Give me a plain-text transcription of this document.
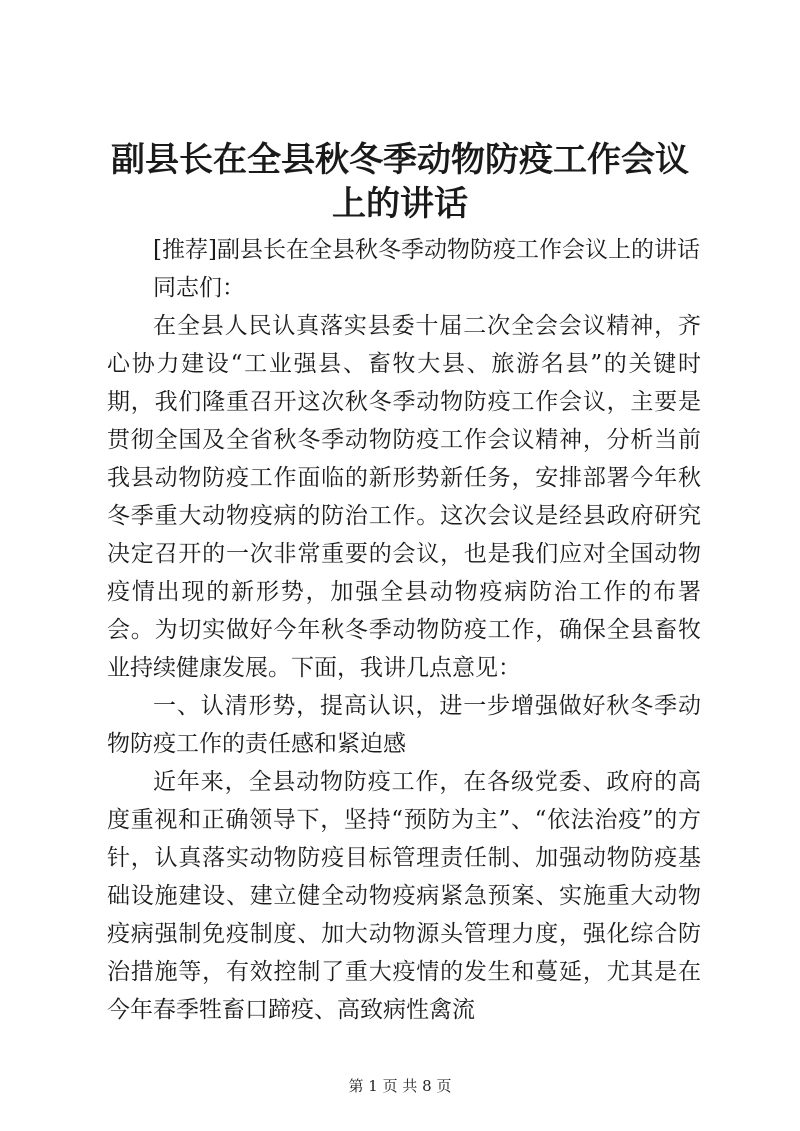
副县长在全县秋冬季动物防疫工作会议上的讲话

[推荐]副县长在全县秋冬季动物防疫工作会议上的讲话

同志们：

在全县人民认真落实县委十届二次全会会议精神，齐心协力建设“工业强县、畜牧大县、旅游名县”的关键时期，我们隆重召开这次秋冬季动物防疫工作会议，主要是贯彻全国及全省秋冬季动物防疫工作会议精神，分析当前我县动物防疫工作面临的新形势新任务，安排部署今年秋冬季重大动物疫病的防治工作。这次会议是经县政府研究决定召开的一次非常重要的会议，也是我们应对全国动物疫情出现的新形势，加强全县动物疫病防治工作的布署会。为切实做好今年秋冬季动物防疫工作，确保全县畜牧业持续健康发展。下面，我讲几点意见：

一、认清形势，提高认识，进一步增强做好秋冬季动物防疫工作的责任感和紧迫感

近年来，全县动物防疫工作，在各级党委、政府的高度重视和正确领导下，坚持“预防为主”、“依法治疫”的方针，认真落实动物防疫目标管理责任制、加强动物防疫基础设施建设、建立健全动物疫病紧急预案、实施重大动物疫病强制免疫制度、加大动物源头管理力度，强化综合防治措施等，有效控制了重大疫情的发生和蔓延，尤其是在今年春季牲畜口蹄疫、高致病性禽流

第 1 页 共 8 页
